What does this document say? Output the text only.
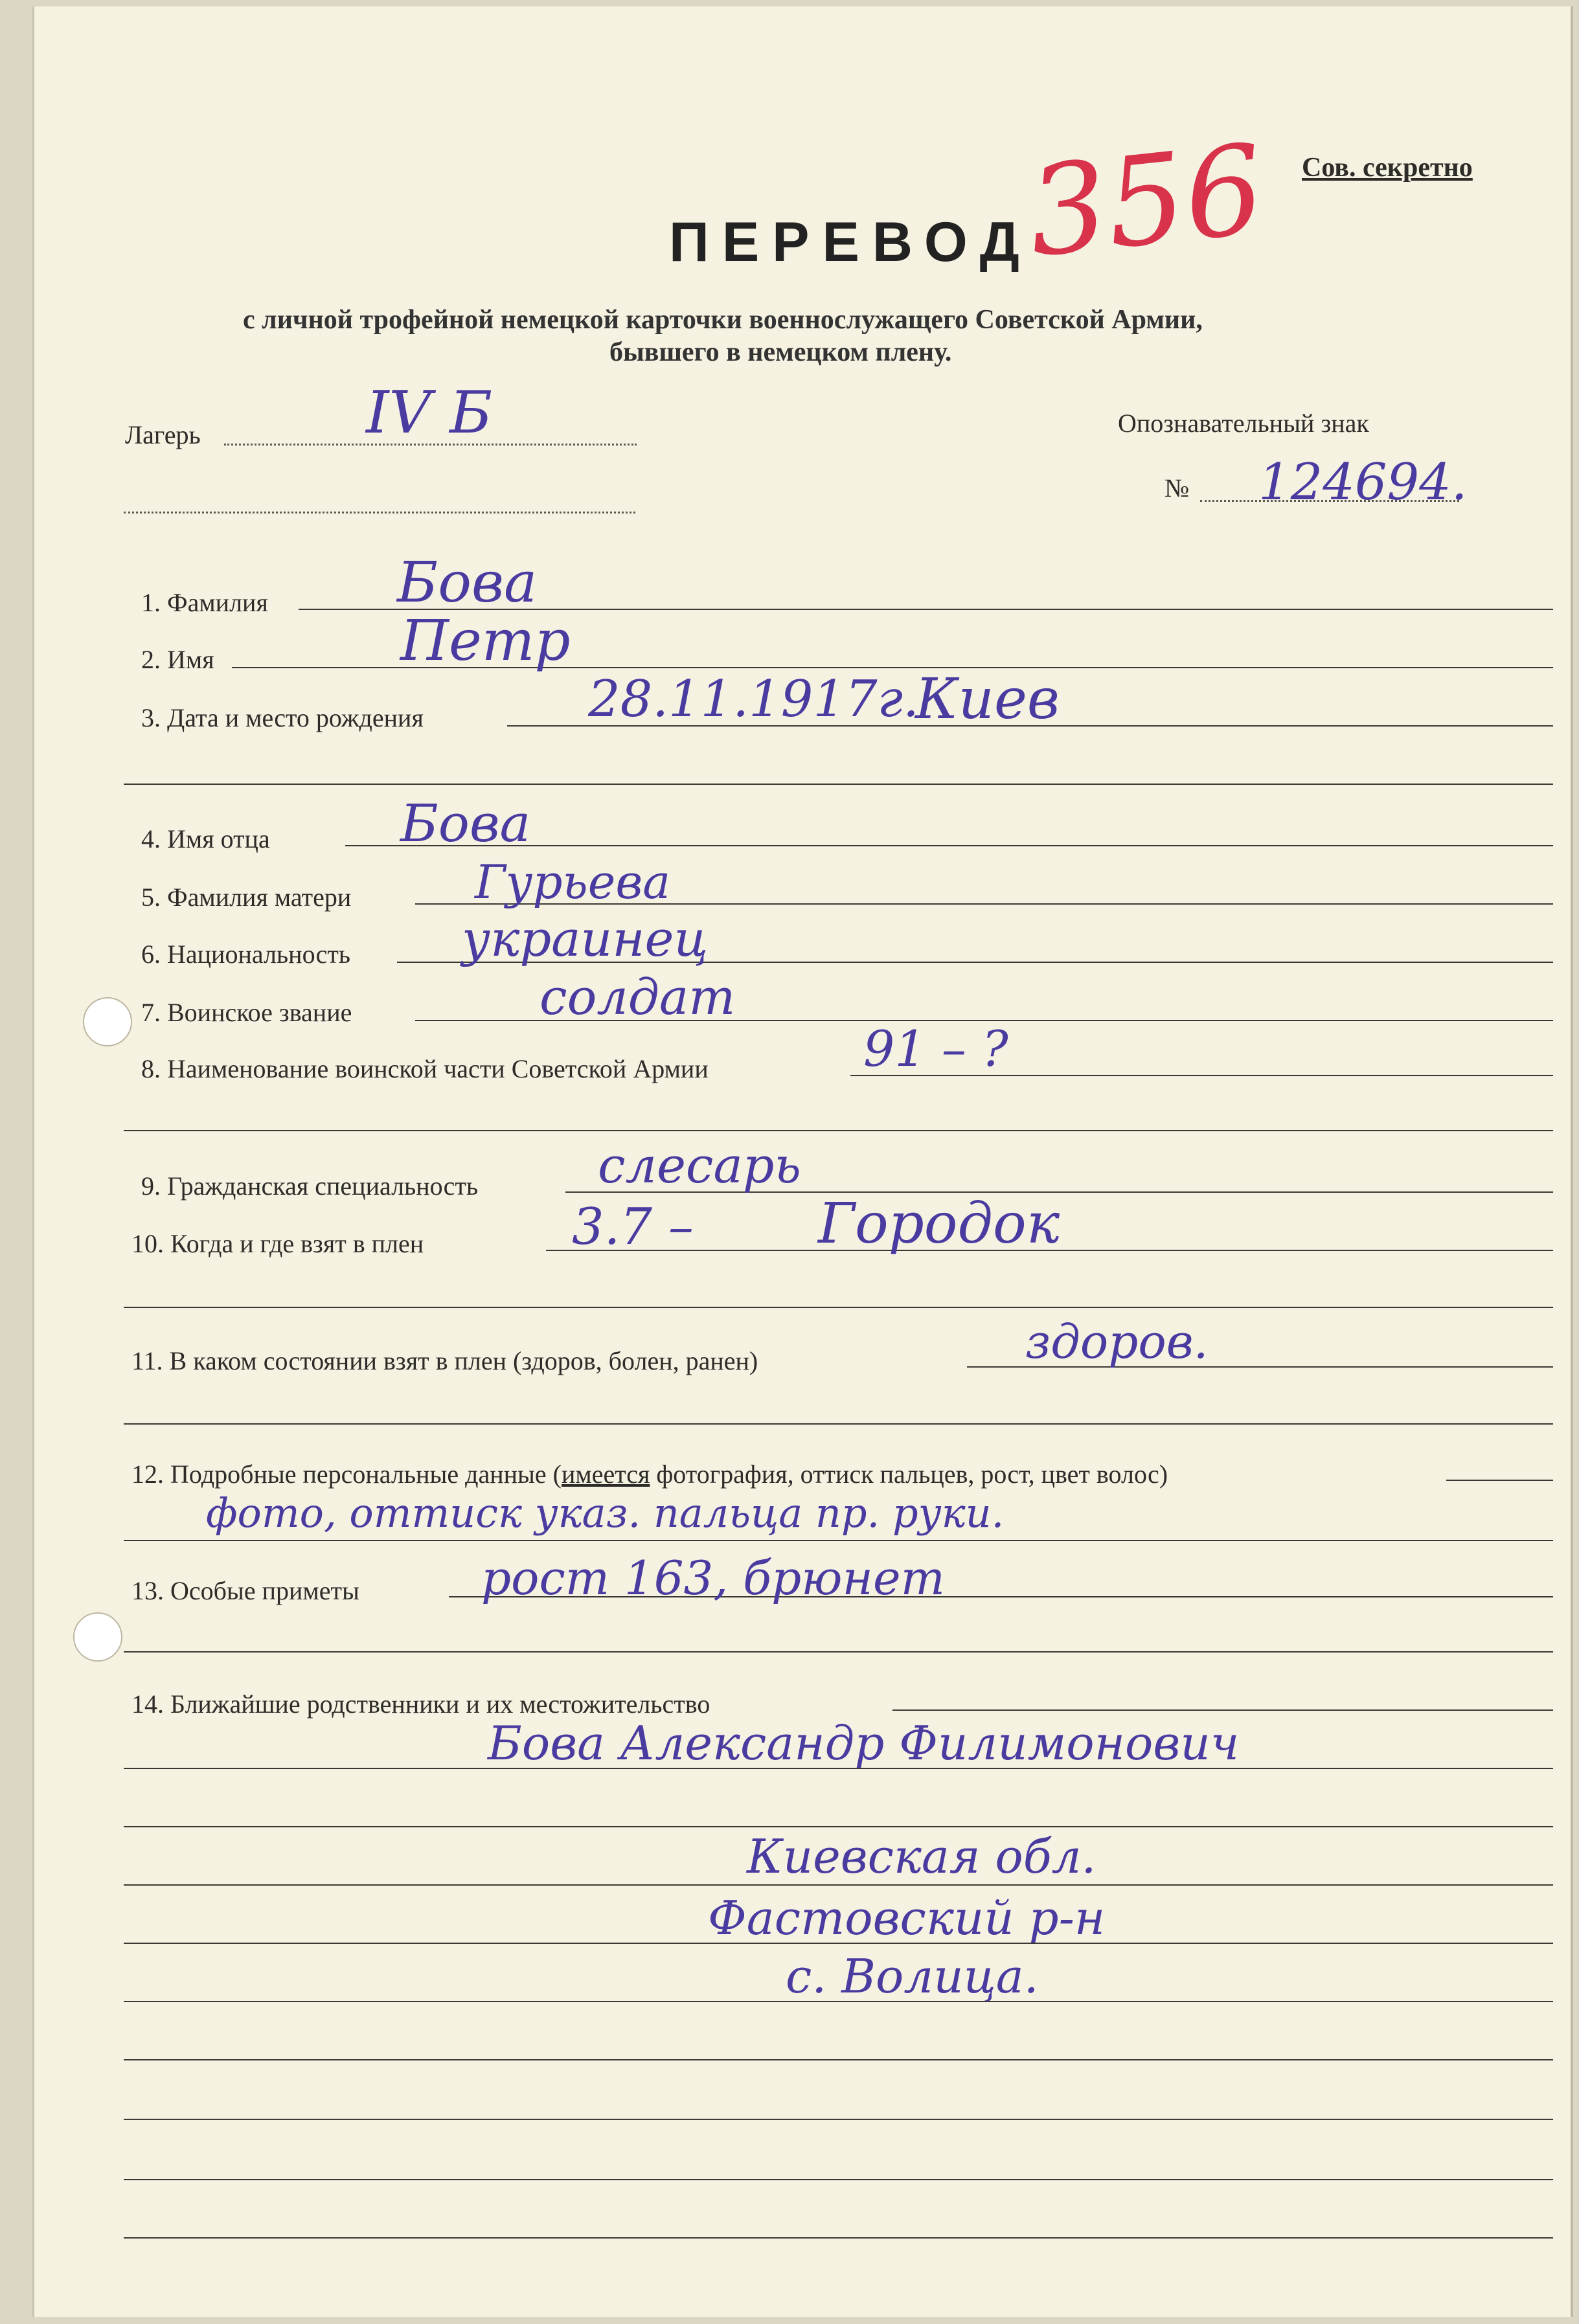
Сов. секретно
356
ПЕРЕВОД
с личной трофейной немецкой карточки военнослужащего Советской Армии,
бывшего в немецком плену.
Лагерь	IV Б	Опознавательный знак
№ 124694.
1. Фамилия Бова
2. Имя	Петр
3. Дата и место рождения	28.11.1917г.
Киев
4. Имя отца	Бова
5. Фамилия матери	Гурьева
6. Национальность украинец
7. Воинское звание	солдат
8. Наименование воинской части Советской Армии	91 – ?
9. Гражданская специальность слесарь
10. Когда и где взят в плен	3.7 – Городок
11. В каком состоянии взят в плен (здоров, болен, ранен)	здоров.
12. Подробные персональные данные (имеется фотография, оттиск пальцев, рост, цвет волос)
фото, оттиск указ. пальца пр. руки.
13. Особые приметы	рост 163, брюнет
14. Ближайшие родственники и их местожительство
Бова Александр Филимонович
Киевская обл.
Фастовский р-н
с. Волица.
